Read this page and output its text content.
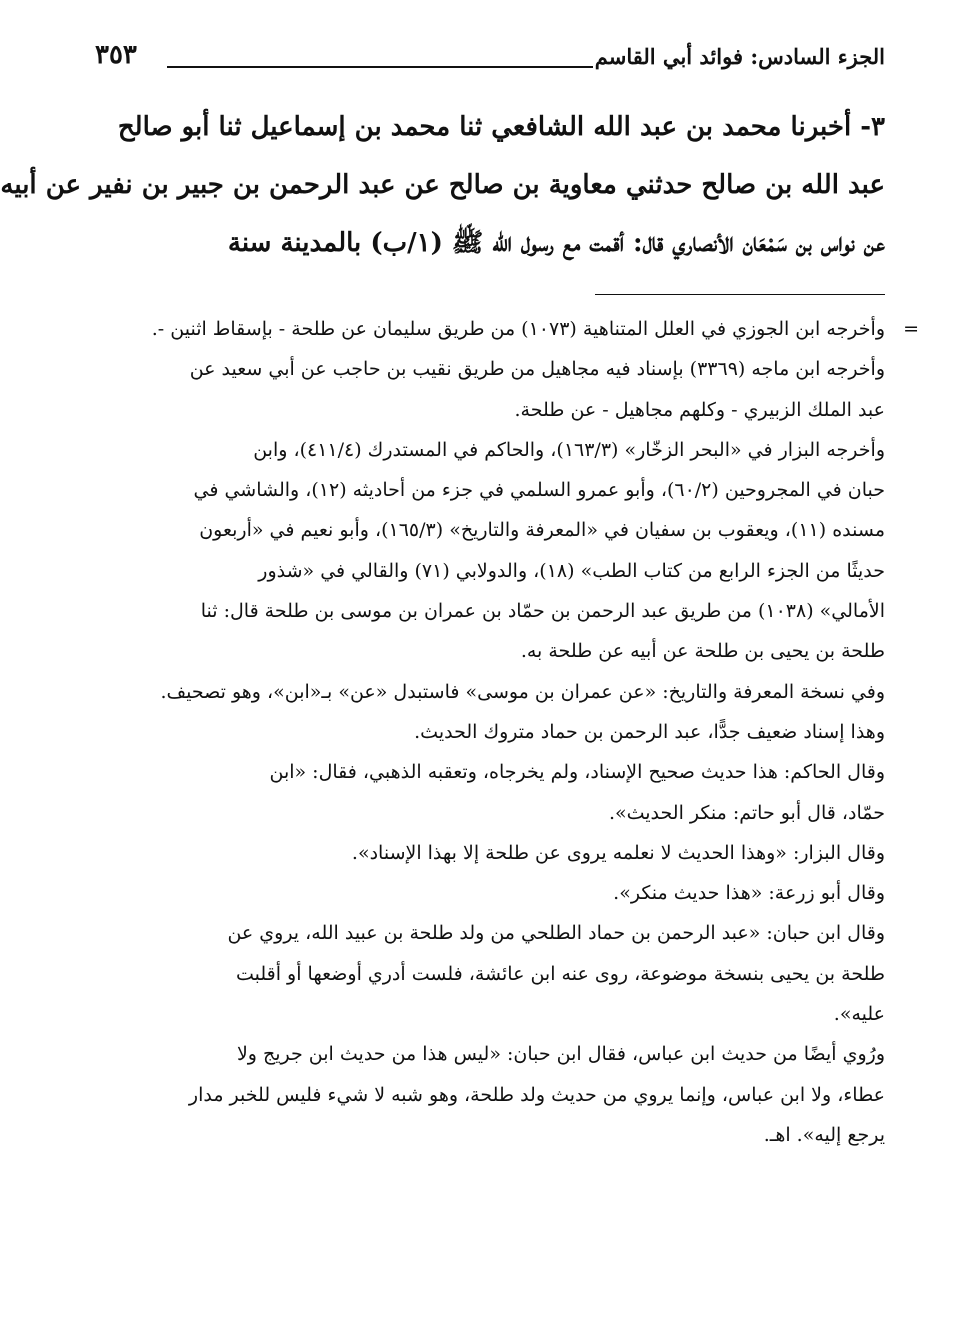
الجزء السادس: فوائد أبي القاسم
٣٥٣
٣- أخبرنا محمد بن عبد الله الشافعي ثنا محمد بن إسماعيل ثنا أبو صالح
عبد الله بن صالح حدثني معاوية بن صالح عن عبد الرحمن بن جبير بن نفير عن أبيه
عن نواس بن سَمْعَان الأنصاري قال: أقمت مع رسول الله ﷺ (١/ب) بالمدينة سنة
=
وأخرجه ابن الجوزي في العلل المتناهية (١٠٧٣) من طريق سليمان عن طلحة - بإسقاط اثنين -.
وأخرجه ابن ماجه (٣٣٦٩) بإسناد فيه مجاهيل من طريق نقيب بن حاجب عن أبي سعيد عن
عبد الملك الزبيري - وكلهم مجاهيل - عن طلحة.
وأخرجه البزار في «البحر الزخّار» (١٦٣/٣)، والحاكم في المستدرك (٤١١/٤)، وابن
حبان في المجروحين (٦٠/٢)، وأبو عمرو السلمي في جزء من أحاديثه (١٢)، والشاشي في
مسنده (١١)، ويعقوب بن سفيان في «المعرفة والتاريخ» (١٦٥/٣)، وأبو نعيم في «أربعون
حديثًا من الجزء الرابع من كتاب الطب» (١٨)، والدولابي (٧١) والقالي في «شذور
الأمالي» (١٠٣٨) من طريق عبد الرحمن بن حمّاد بن عمران بن موسى بن طلحة قال: ثنا
طلحة بن يحيى بن طلحة عن أبيه عن طلحة به.
وفي نسخة المعرفة والتاريخ: «عن عمران بن موسى» فاستبدل «عن» بـ«ابن»، وهو تصحيف.
وهذا إسناد ضعيف جدًّا، عبد الرحمن بن حماد متروك الحديث.
وقال الحاكم: هذا حديث صحيح الإسناد، ولم يخرجاه، وتعقبه الذهبي، فقال: «ابن
حمّاد، قال أبو حاتم: منكر الحديث».
وقال البزار: «وهذا الحديث لا نعلمه يروى عن طلحة إلا بهذا الإسناد».
وقال أبو زرعة: «هذا حديث منكر».
وقال ابن حبان: «عبد الرحمن بن حماد الطلحي من ولد طلحة بن عبيد الله، يروي عن
طلحة بن يحيى بنسخة موضوعة، روى عنه ابن عائشة، فلست أدري أوضعها أو أقلبت
عليه».
ورُوي أيضًا من حديث ابن عباس، فقال ابن حبان: «ليس هذا من حديث ابن جريج ولا
عطاء، ولا ابن عباس، وإنما يروي من حديث ولد طلحة، وهو شبه لا شيء فليس للخبر مدار
يرجع إليه». اهـ.
